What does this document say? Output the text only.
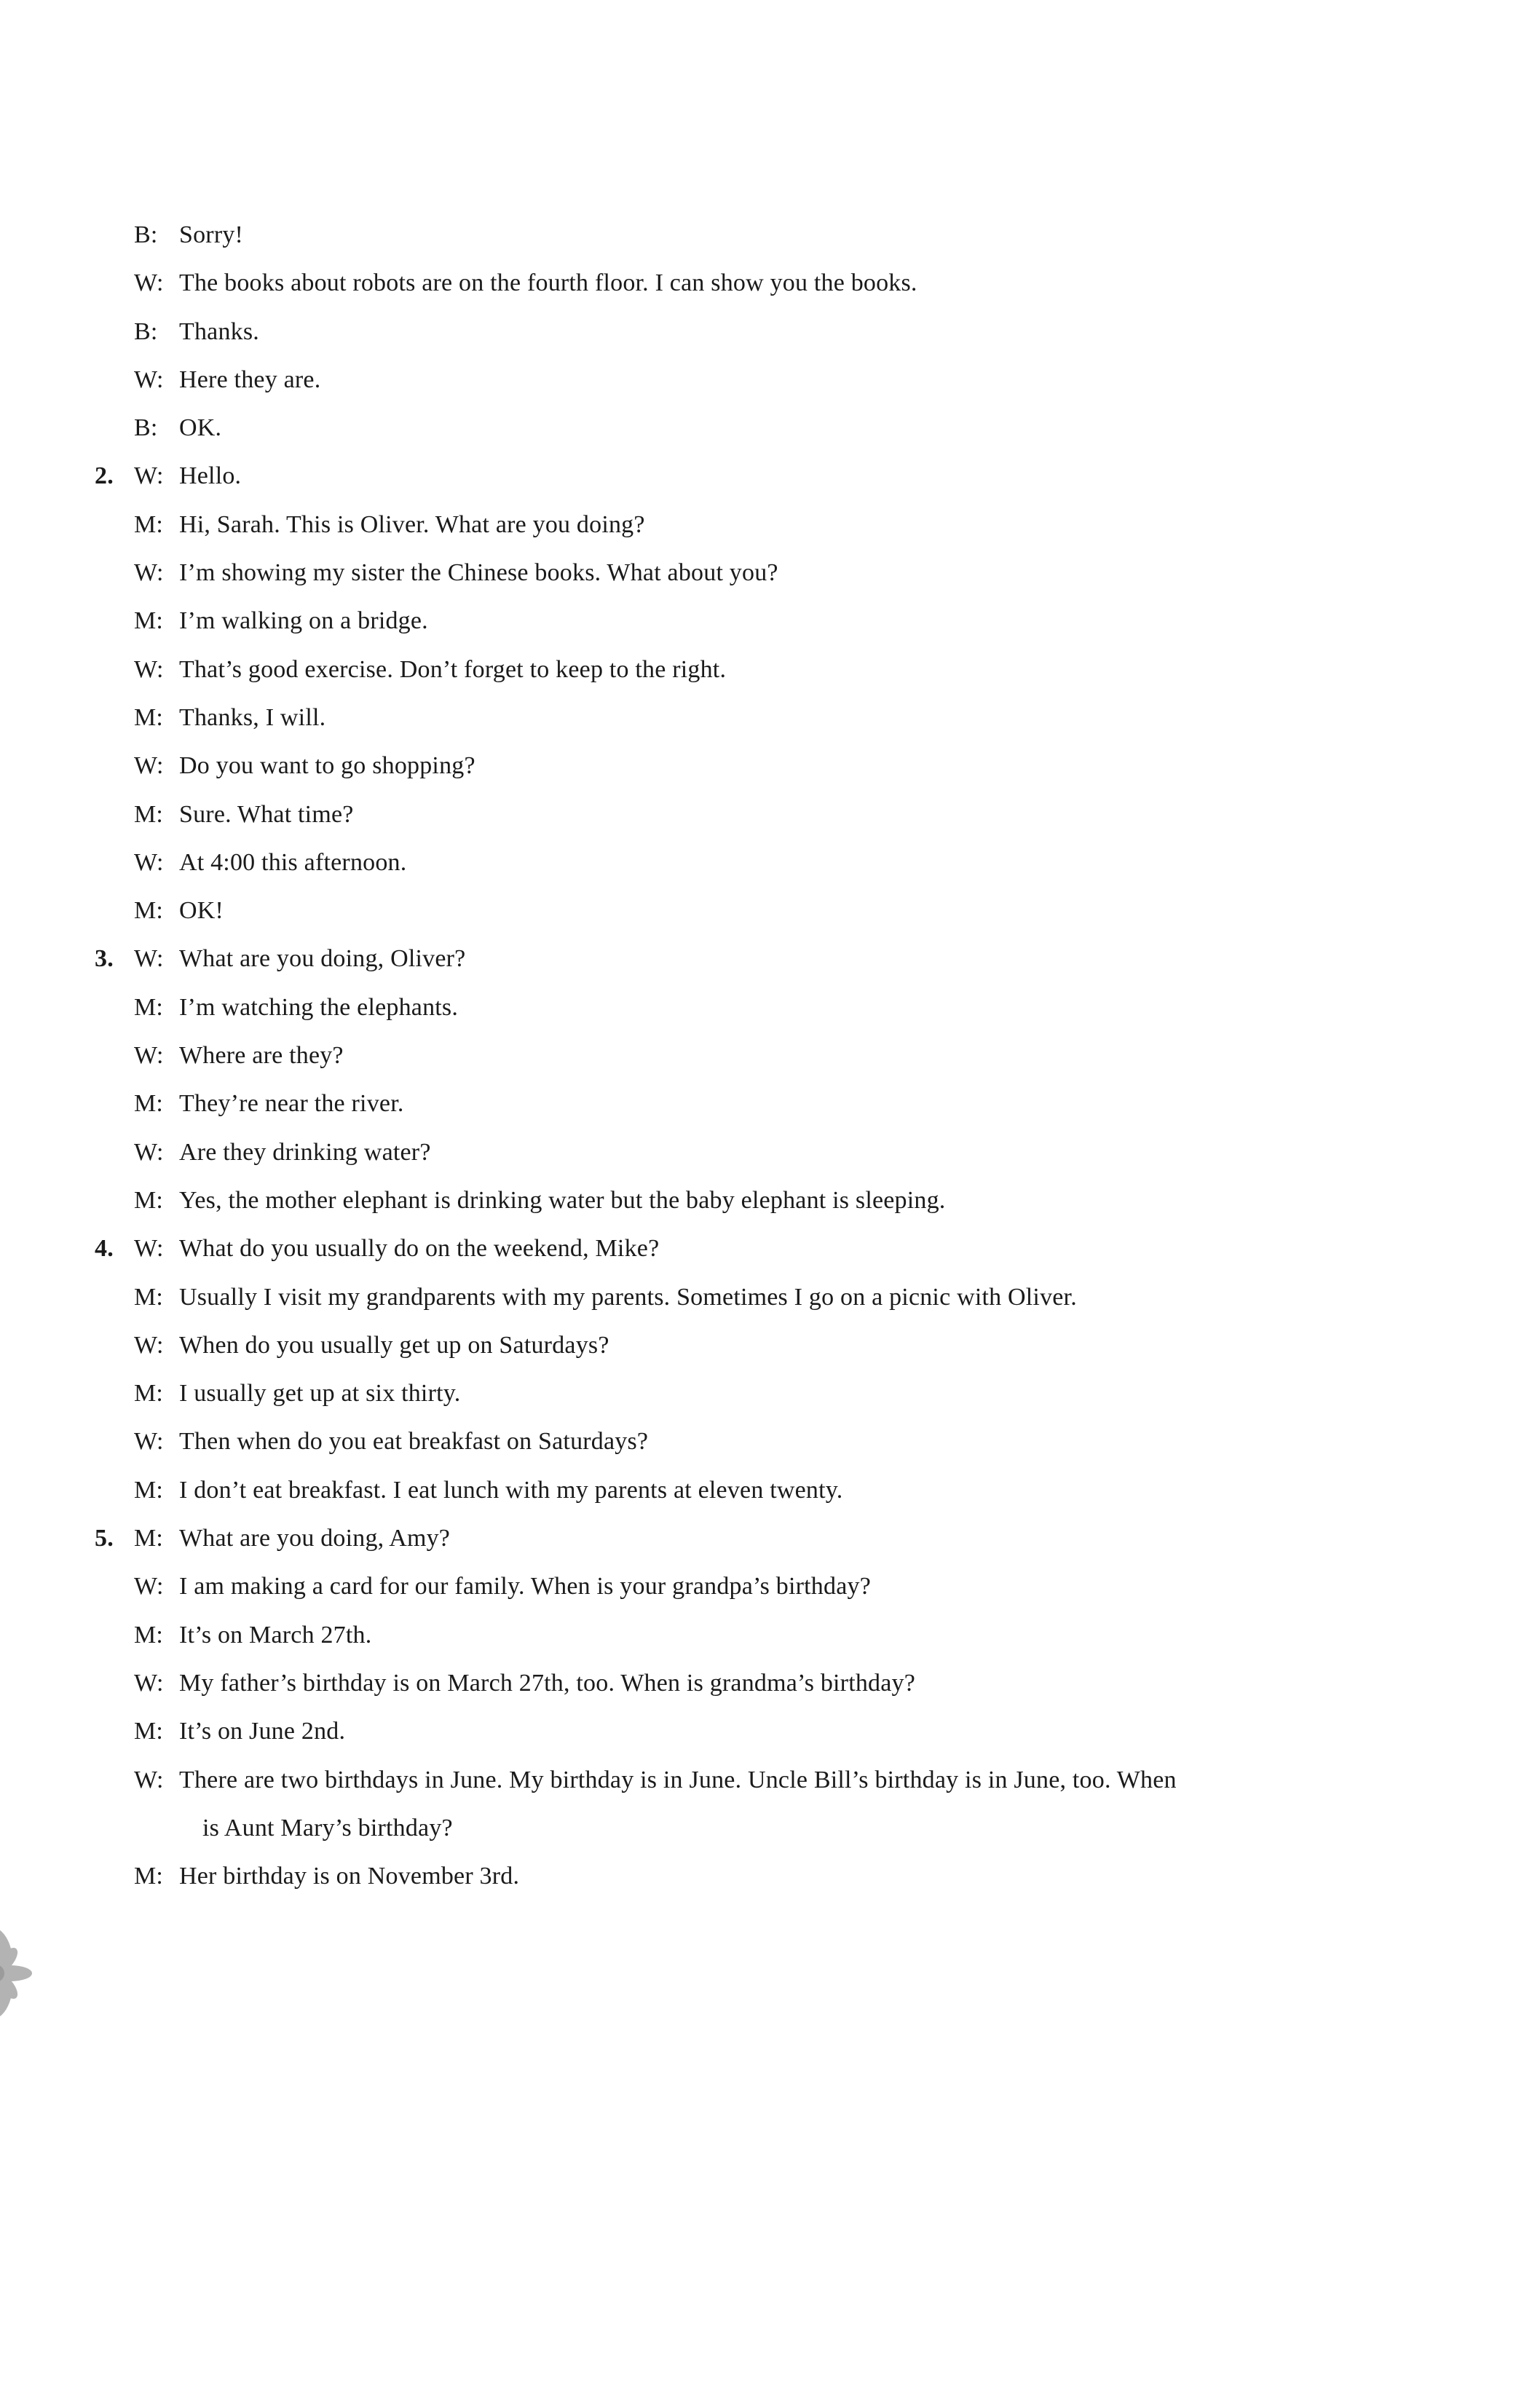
B: Sorry!
W: The books about robots are on the fourth floor. I can show you the books.
B: Thanks.
W: Here they are.
B: OK.
2. W: Hello.
M: Hi, Sarah. This is Oliver. What are you doing?
W: I’m showing my sister the Chinese books. What about you?
M: I’m walking on a bridge.
W: That’s good exercise. Don’t forget to keep to the right.
M: Thanks, I will.
W: Do you want to go shopping?
M: Sure. What time?
W: At 4:00 this afternoon.
M: OK!
3. W: What are you doing, Oliver?
M: I’m watching the elephants.
W: Where are they?
M: They’re near the river.
W: Are they drinking water?
M: Yes, the mother elephant is drinking water but the baby elephant is sleeping.
4. W: What do you usually do on the weekend, Mike?
M: Usually I visit my grandparents with my parents. Sometimes I go on a picnic with Oliver.
W: When do you usually get up on Saturdays?
M: I usually get up at six thirty.
W: Then when do you eat breakfast on Saturdays?
M: I don’t eat breakfast. I eat lunch with my parents at eleven twenty.
5. M: What are you doing, Amy?
W: I am making a card for our family. When is your grandpa’s birthday?
M: It’s on March 27th.
W: My father’s birthday is on March 27th, too. When is grandma’s birthday?
M: It’s on June 2nd.
W: There are two birthdays in June. My birthday is in June. Uncle Bill’s birthday is in June, too. When
is Aunt Mary’s birthday?
M: Her birthday is on November 3rd.
